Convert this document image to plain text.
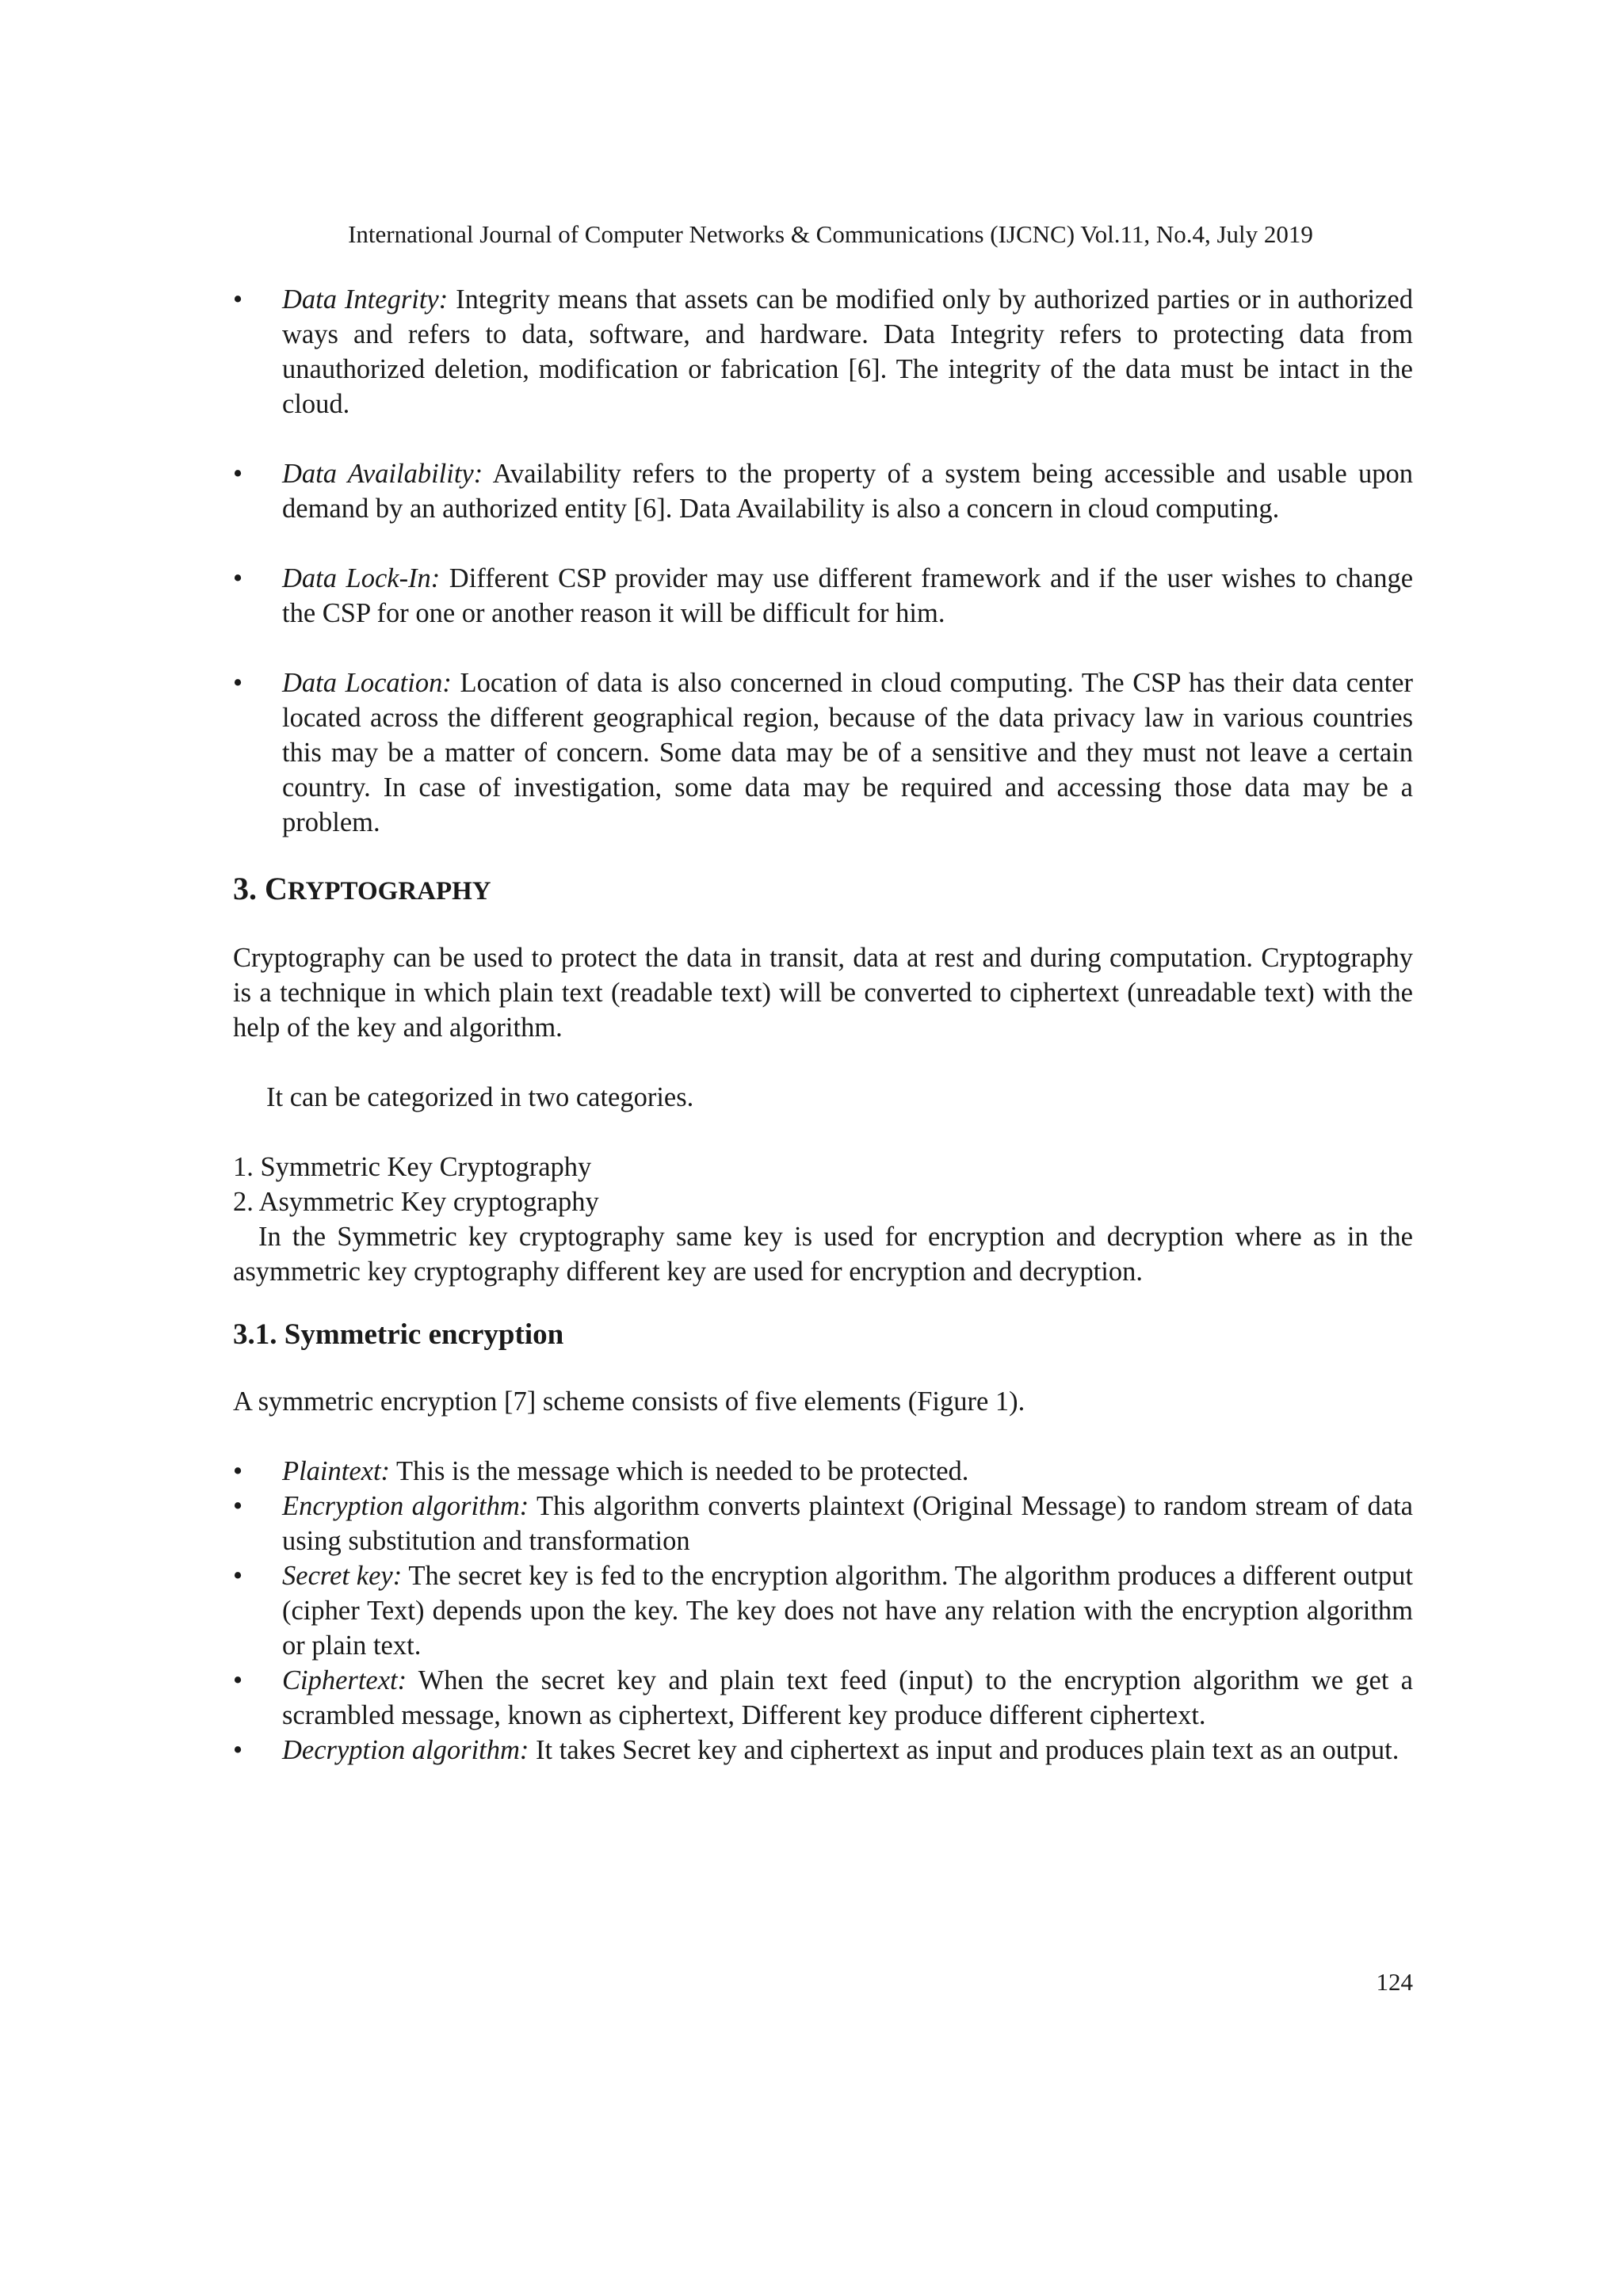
International Journal of Computer Networks & Communications (IJCNC) Vol.11, No.4, July 2019
•	Data Integrity: Integrity means that assets can be modified only by authorized parties or in authorized ways and refers to data, software, and hardware. Data Integrity refers to protecting data from unauthorized deletion, modification or fabrication [6]. The integrity of the data must be intact in the cloud.
•	Data Availability: Availability refers to the property of a system being accessible and usable upon demand by an authorized entity [6]. Data Availability is also a concern in cloud computing.
•	Data Lock-In: Different CSP provider may use different framework and if the user wishes to change the CSP for one or another reason it will be difficult for him.
•	Data Location: Location of data is also concerned in cloud computing. The CSP has their data center located across the different geographical region, because of the data privacy law in various countries this may be a matter of concern. Some data may be of a sensitive and they must not leave a certain country. In case of investigation, some data may be required and accessing those data may be a problem.
3. CRYPTOGRAPHY
Cryptography can be used to protect the data in transit, data at rest and during computation. Cryptography is a technique in which plain text (readable text) will be converted to ciphertext (unreadable text) with the help of the key and algorithm.
It can be categorized in two categories.
1. Symmetric Key Cryptography
2. Asymmetric Key cryptography
In the Symmetric key cryptography same key is used for encryption and decryption where as in the asymmetric key cryptography different key are used for encryption and decryption.
3.1. Symmetric encryption
A symmetric encryption [7] scheme consists of five elements (Figure 1).
•	Plaintext: This is the message which is needed to be protected.
•	Encryption algorithm: This algorithm converts plaintext (Original Message) to random stream of data using substitution and transformation
•	Secret key: The secret key is fed to the encryption algorithm. The algorithm produces a different output (cipher Text) depends upon the key. The key does not have any relation with the encryption algorithm or plain text.
•	Ciphertext: When the secret key and plain text feed (input) to the encryption algorithm we get a scrambled message, known as ciphertext, Different key produce different ciphertext.
•	Decryption algorithm: It takes Secret key and ciphertext as input and produces plain text as an output.
124
